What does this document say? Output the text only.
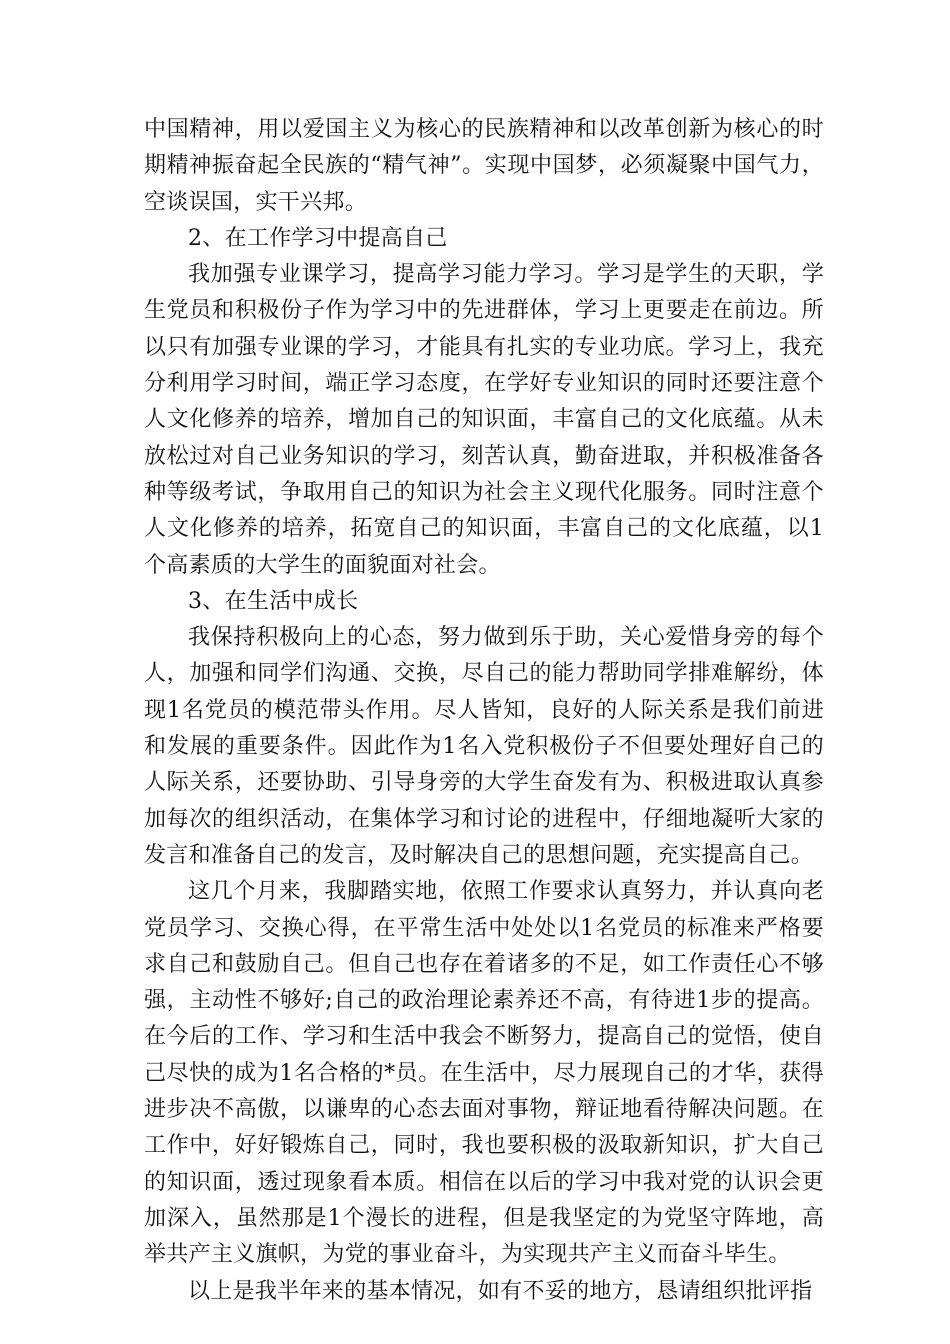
中国精神，用以爱国主义为核心的民族精神和以改革创新为核心的时期精神振奋起全民族的“精气神”。实现中国梦，必须凝聚中国气力，空谈误国，实干兴邦。

2、在工作学习中提高自己

我加强专业课学习，提高学习能力学习。学习是学生的天职，学生党员和积极份子作为学习中的先进群体，学习上更要走在前边。所以只有加强专业课的学习，才能具有扎实的专业功底。学习上，我充分利用学习时间，端正学习态度，在学好专业知识的同时还要注意个人文化修养的培养，增加自己的知识面，丰富自己的文化底蕴。从未放松过对自己业务知识的学习，刻苦认真，勤奋进取，并积极准备各种等级考试，争取用自己的知识为社会主义现代化服务。同时注意个人文化修养的培养，拓宽自己的知识面，丰富自己的文化底蕴，以1个高素质的大学生的面貌面对社会。

3、在生活中成长

我保持积极向上的心态，努力做到乐于助，关心爱惜身旁的每个人，加强和同学们沟通、交换，尽自己的能力帮助同学排难解纷，体现1名党员的模范带头作用。尽人皆知，良好的人际关系是我们前进和发展的重要条件。因此作为1名入党积极份子不但要处理好自己的人际关系，还要协助、引导身旁的大学生奋发有为、积极进取认真参加每次的组织活动，在集体学习和讨论的进程中，仔细地凝听大家的发言和准备自己的发言，及时解决自己的思想问题，充实提高自己。

这几个月来，我脚踏实地，依照工作要求认真努力，并认真向老党员学习、交换心得，在平常生活中处处以1名党员的标准来严格要求自己和鼓励自己。但自己也存在着诸多的不足，如工作责任心不够强，主动性不够好;自己的政治理论素养还不高，有待进1步的提高。在今后的工作、学习和生活中我会不断努力，提高自己的觉悟，使自己尽快的成为1名合格的*员。在生活中，尽力展现自己的才华，获得进步决不高傲，以谦卑的心态去面对事物，辩证地看待解决问题。在工作中，好好锻炼自己，同时，我也要积极的汲取新知识，扩大自己的知识面，透过现象看本质。相信在以后的学习中我对党的认识会更加深入，虽然那是1个漫长的进程，但是我坚定的为党坚守阵地，高举共产主义旗帜，为党的事业奋斗，为实现共产主义而奋斗毕生。

以上是我半年来的基本情况，如有不妥的地方，恳请组织批评指
